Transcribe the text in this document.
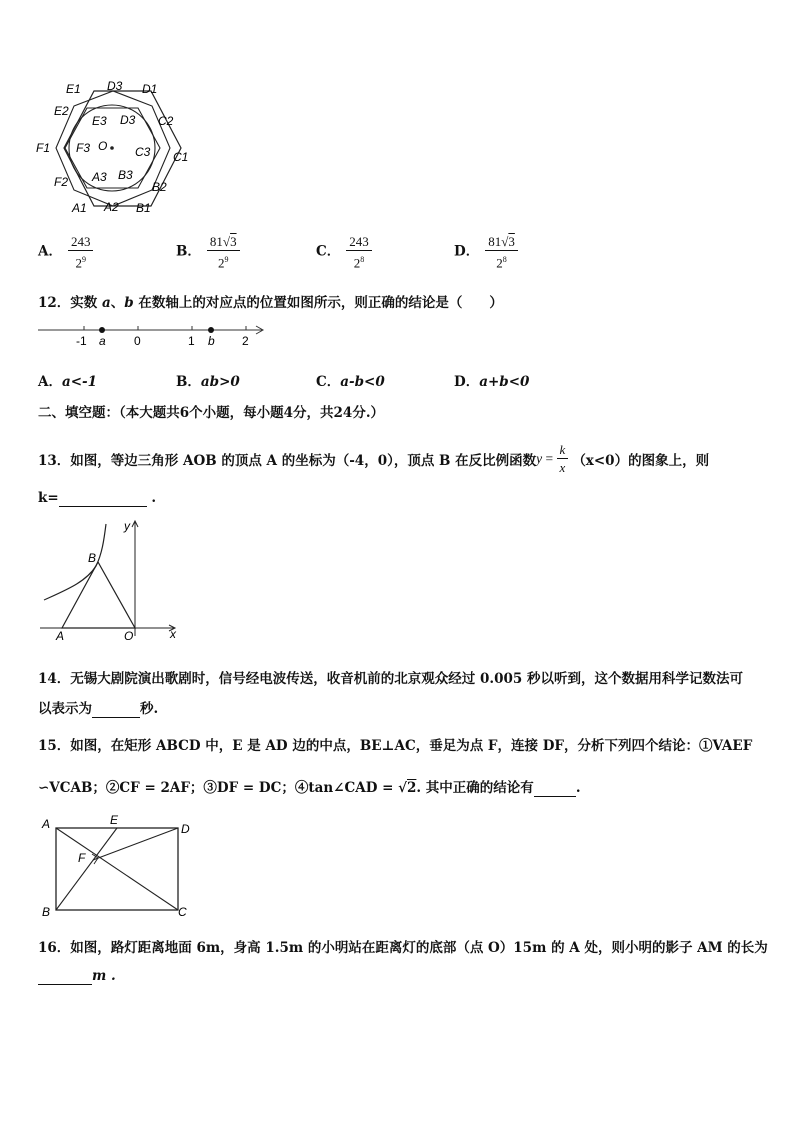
E1 D3 D1
E2
C2
E3 D3
F1 F3 O C3 C1
F2 A3 B3
B2
A1 A2 B1
A． $\frac{243}{2^9}$	B． $\frac{81√3}{2^9}$	C． $\frac{243}{2^8}$	D． $\frac{81√3}{2^8}$
12．实数 a、b 在数轴上的对应点的位置如图所示，则正确的结论是（　　）
-1 a 0	1 b 2
A．a<-1	B．ab>0	C．a-b<0	D．a+b<0
二、填空题：（本大题共6个小题，每小题4分，共24分.）
13．如图，等边三角形 AOB 的顶点 A 的坐标为（-4，0），顶点 B 在反比例函数 $y = \frac{k}{x} (x<0)$的图象上，则
k=	.
y
B
A	O	x
14．无锡大剧院演出歌剧时，信号经电波传送，收音机前的北京观众经过 0.005 秒以听到，这个数据用科学记数法可
以表示为	秒.
15．如图，在矩形 ABCD 中，E 是 AD 边的中点，BE⊥AC，垂足为点 F，连接 DF，分析下列四个结论：①VAEF
∽VCAB；②CF = 2AF；③DF = DC；④tan∠CAD = √2. 其中正确的结论有	.
A	E
D
F
B	C
16．如图，路灯距离地面 6m，身高 1.5m 的小明站在距离灯的底部（点 O）15m 的 A 处，则小明的影子 AM 的长为
m .
